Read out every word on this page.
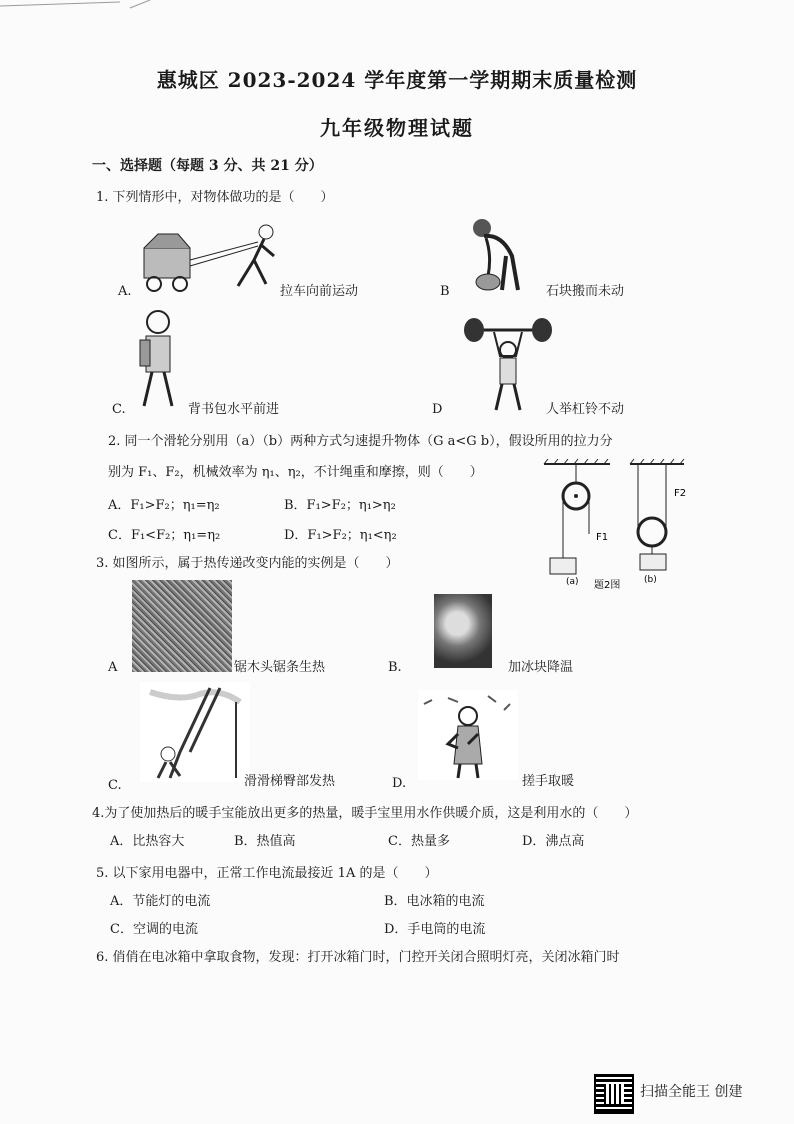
惠城区 2023-2024 学年度第一学期期末质量检测
九年级物理试题
一、选择题（每题 3 分、共 21 分）
1. 下列情形中，对物体做功的是（　　）
A.	拉车向前运动	B	石块搬而未动
C.	背书包水平前进	D	人举杠铃不动
2. 同一个滑轮分别用（a）（b）两种方式匀速提升物体（G a<G b），假设所用的拉力分
别为 F₁、F₂，机械效率为 η₁、η₂，不计绳重和摩擦，则（　　）
A．F₁>F₂；η₁=η₂	B．F₁>F₂；η₁>η₂
C．F₁<F₂；η₁=η₂	D．F₁>F₂；η₁<η₂	F1
F2
(a) 题2图	(b)
3. 如图所示，属于热传递改变内能的实例是（　　）
A	锯木头锯条生热	B.	加冰块降温
C.	滑滑梯臀部发热	D.	搓手取暖
4.为了使加热后的暖手宝能放出更多的热量，暖手宝里用水作供暖介质，这是利用水的（　　）
A．比热容大	B．热值高	C．热量多	D．沸点高
5. 以下家用电器中，正常工作电流最接近 1A 的是（　　）
A．节能灯的电流	B．电冰箱的电流
C．空调的电流	D．手电筒的电流
6. 俏俏在电冰箱中拿取食物，发现：打开冰箱门时，门控开关闭合照明灯亮，关闭冰箱门时
扫描全能王 创建
